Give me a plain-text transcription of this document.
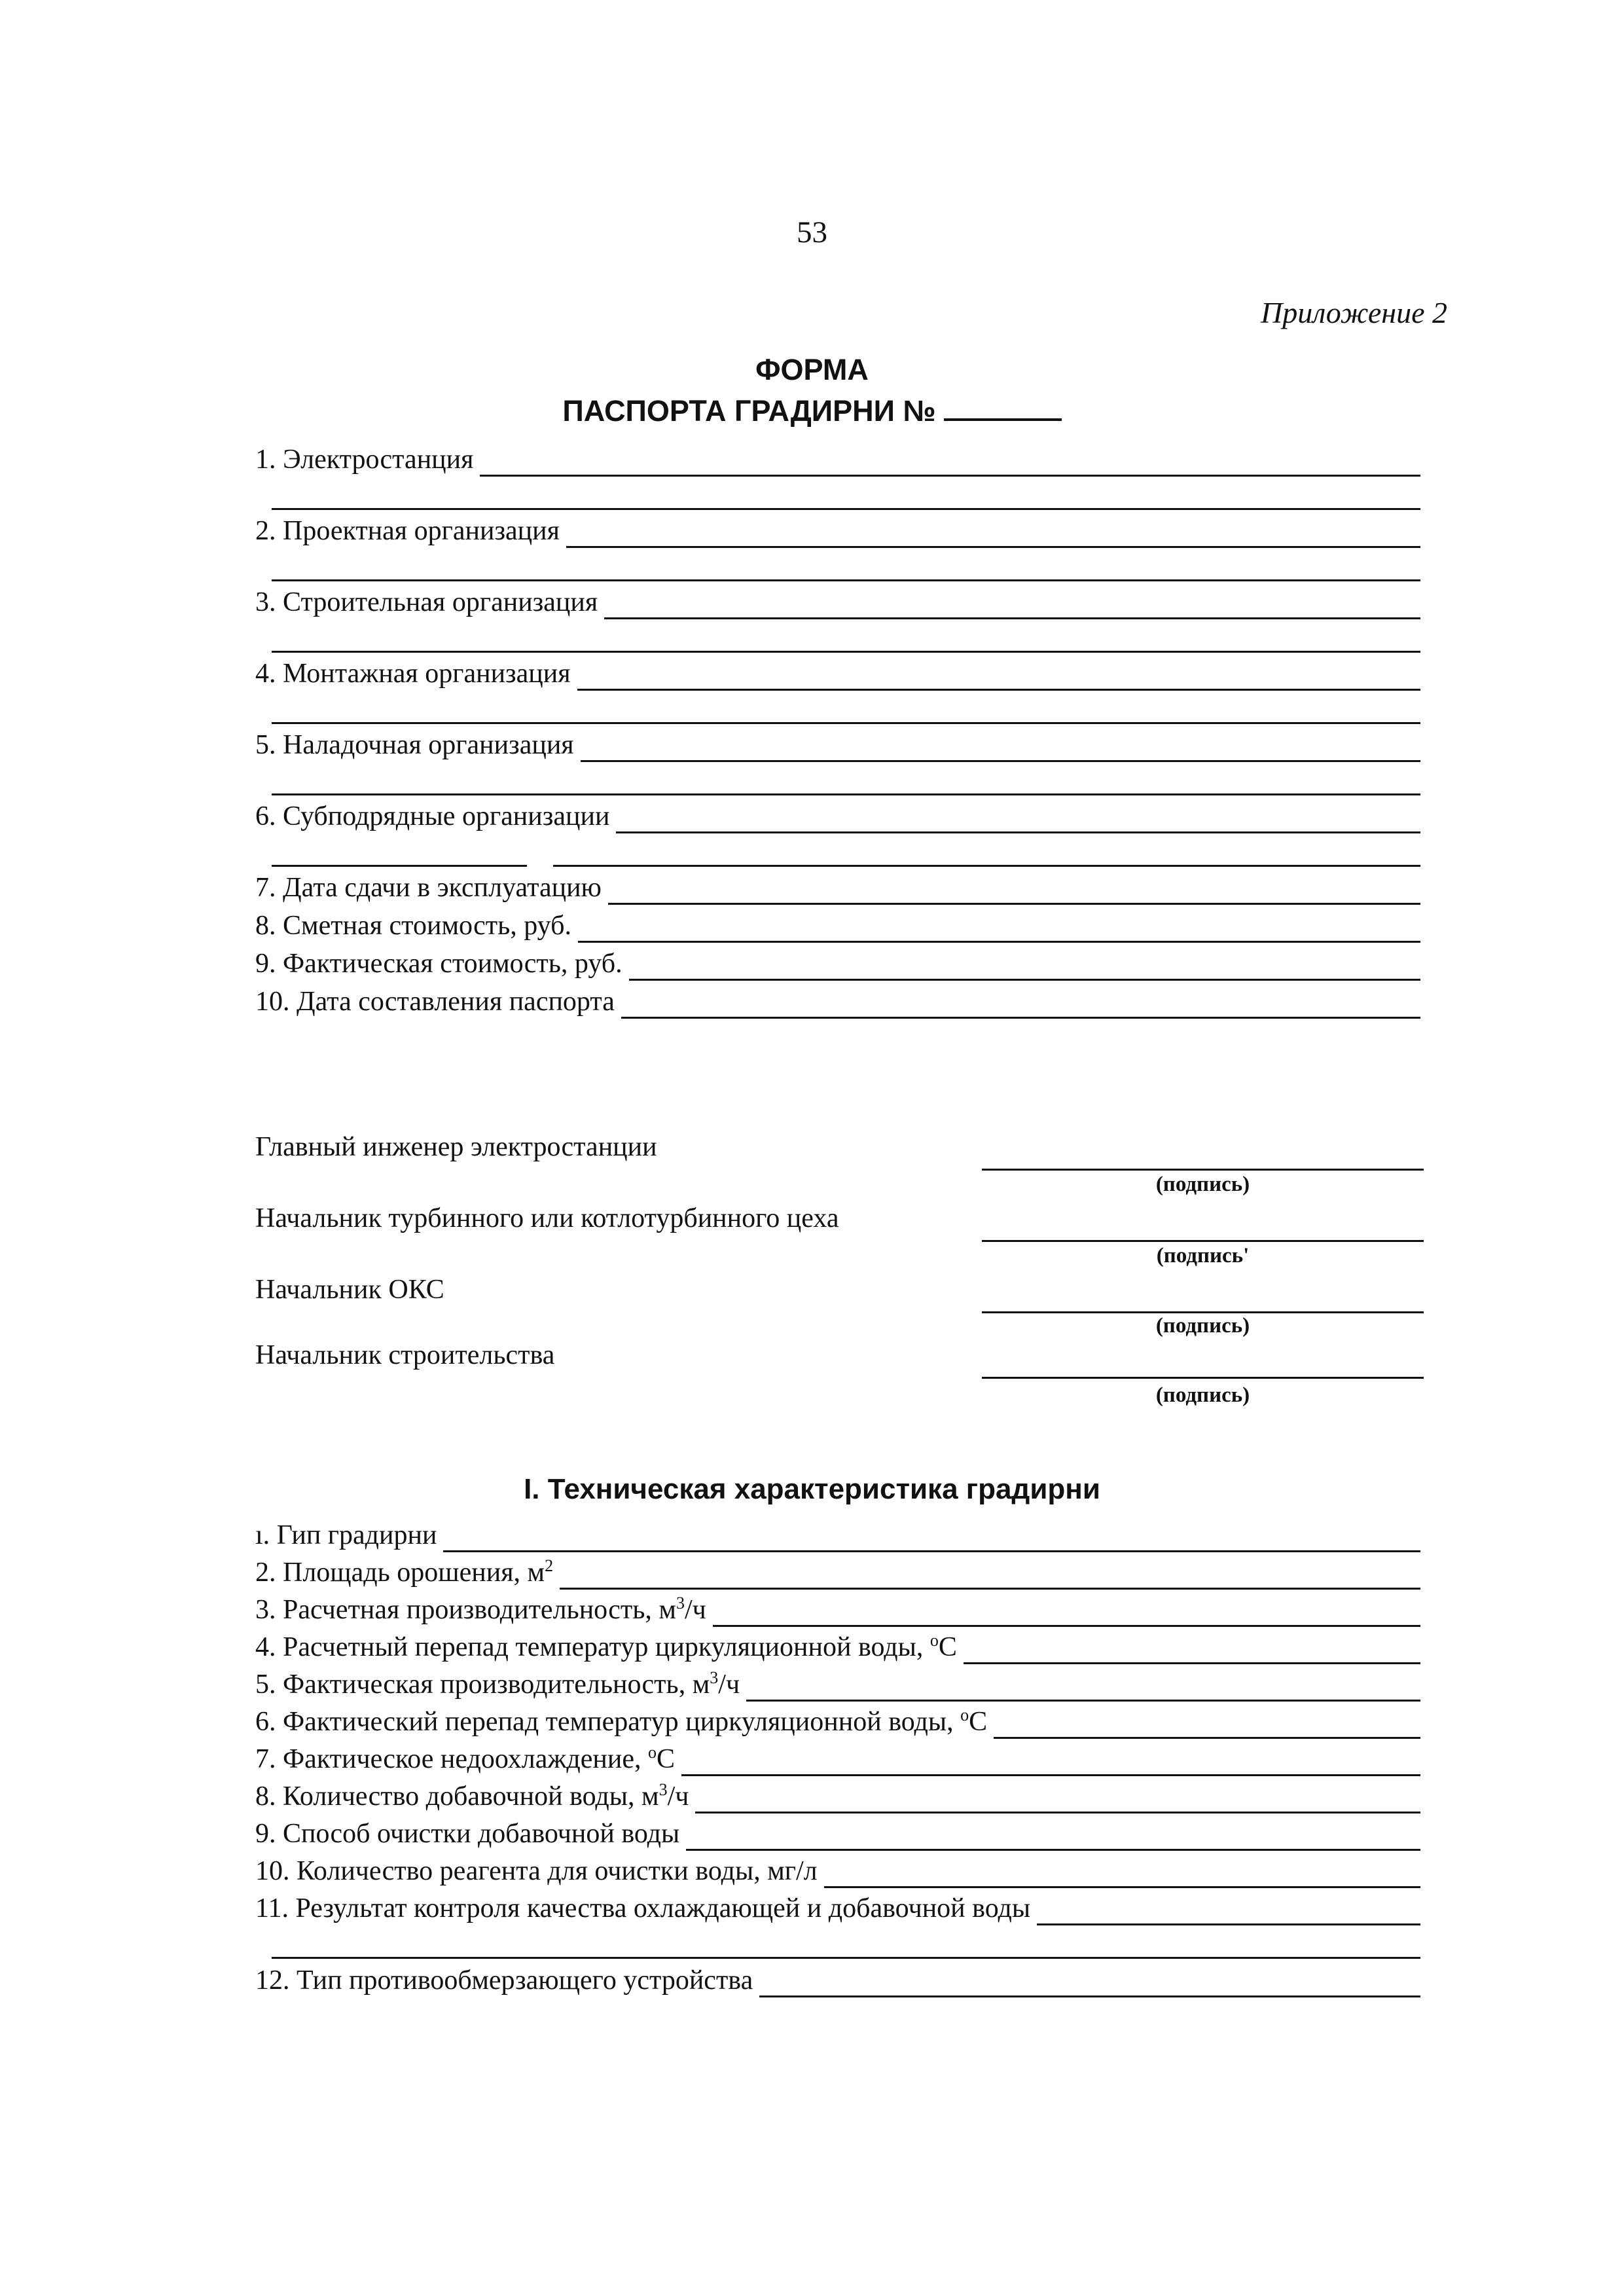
53
Приложение 2
ФОРМА
ПАСПОРТА ГРАДИРНИ №
1. Электростанция
2. Проектная организация
3. Строительная организация
4. Монтажная организация
5. Наладочная организация
6. Субподрядные организации
7. Дата сдачи в эксплуатацию
8. Сметная стоимость, руб.
9. Фактическая стоимость, руб.
10. Дата составления паспорта
Главный инженер электростанции
(подпись)
Начальник турбинного или котлотурбинного цеха
(подпись'
Начальник ОКС
(подпись)
Начальник строительства
(подпись)
I. Техническая характеристика градирни
ı. Гип градирни
2. Площадь орошения, $м^2$
3. Расчетная производительность, $м^3/ч$
4. Расчетный перепад температур циркуляционной воды, $^о$С
5. Фактическая производительность, $м^3/ч$
6. Фактический перепад температур циркуляционной воды, $^о$С
7. Фактическое недоохлаждение, $^о$С
8. Количество добавочной воды, $м^3/ч$
9. Способ очистки добавочной воды
10. Количество реагента для очистки воды, мг/л
11. Результат контроля качества охлаждающей и добавочной воды
12. Тип противообмерзающего устройства
